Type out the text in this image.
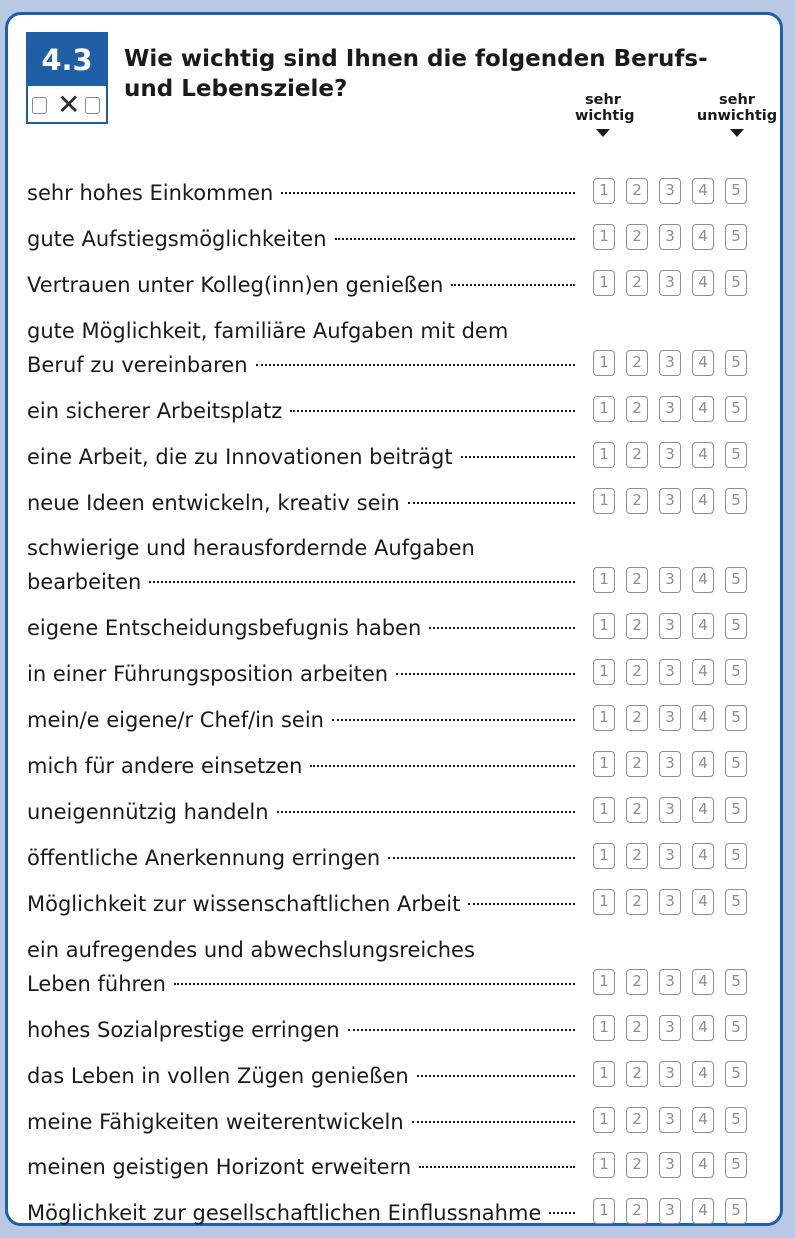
4.3
✕
Wie wichtig sind Ihnen die folgenden Berufs- und Lebensziele?	sehr wichtig
sehr unwichtig
sehr hohes Einkommen	1	2	3	4	5
gute Aufstiegsmöglichkeiten	1	2	3	4	5
Vertrauen unter Kolleg(inn)en genießen	1	2	3	4	5
gute Möglichkeit, familiäre Aufgaben mit dem
Beruf zu vereinbaren	1	2	3	4	5
ein sicherer Arbeitsplatz	1	2	3	4	5
eine Arbeit, die zu Innovationen beiträgt	1	2	3	4	5
neue Ideen entwickeln, kreativ sein	1	2	3	4	5
schwierige und herausfordernde Aufgaben
bearbeiten	1	2	3	4	5
eigene Entscheidungsbefugnis haben	1	2	3	4	5
in einer Führungsposition arbeiten	1	2	3	4	5
mein/e eigene/r Chef/in sein	1	2	3	4	5
mich für andere einsetzen	1	2	3	4	5
uneigennützig handeln	1	2	3	4	5
öffentliche Anerkennung erringen	1	2	3	4	5
Möglichkeit zur wissenschaftlichen Arbeit	1	2	3	4	5
ein aufregendes und abwechslungsreiches
Leben führen	1	2	3	4	5
hohes Sozialprestige erringen	1	2	3	4	5
das Leben in vollen Zügen genießen	1	2	3	4	5
meine Fähigkeiten weiterentwickeln	1	2	3	4	5
meinen geistigen Horizont erweitern	1	2	3	4	5
Möglichkeit zur gesellschaftlichen Einflussnahme	1	2	3	4	5
